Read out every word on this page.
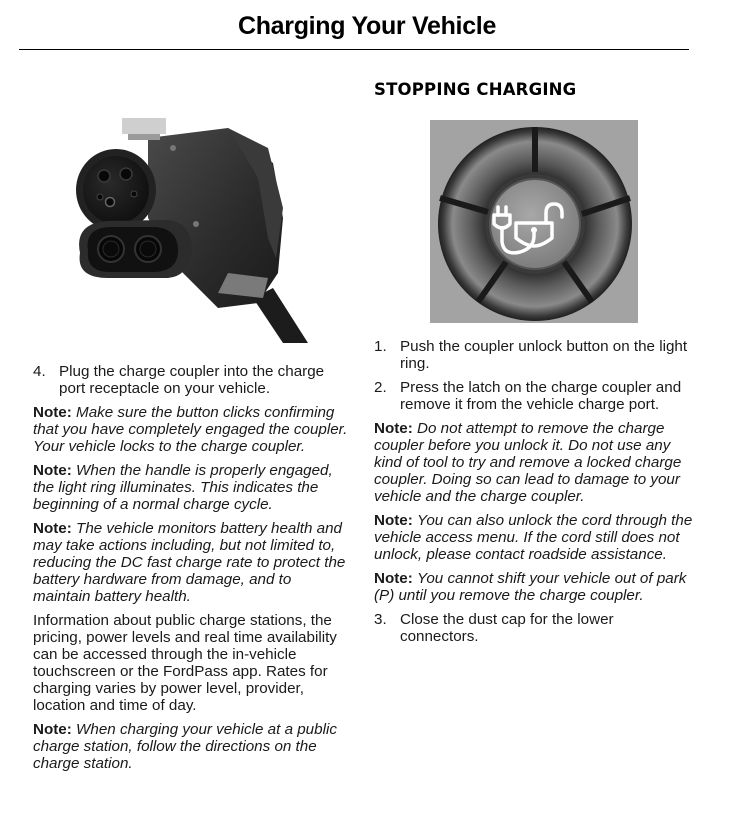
Charging Your Vehicle
4. Plug the charge coupler into the charge port receptacle on your vehicle.
Note: Make sure the button clicks confirming that you have completely engaged the coupler. Your vehicle locks to the charge coupler.
Note: When the handle is properly engaged, the light ring illuminates. This indicates the beginning of a normal charge cycle.
Note: The vehicle monitors battery health and may take actions including, but not limited to, reducing the DC fast charge rate to protect the battery hardware from damage, and to maintain battery health.
Information about public charge stations, the pricing, power levels and real time availability can be accessed through the in-vehicle touchscreen or the FordPass app. Rates for charging varies by power level, provider, location and time of day.
Note: When charging your vehicle at a public charge station, follow the directions on the charge station.
STOPPING CHARGING
1. Push the coupler unlock button on the light ring.
2. Press the latch on the charge coupler and remove it from the vehicle charge port.
Note: Do not attempt to remove the charge coupler before you unlock it. Do not use any kind of tool to try and remove a locked charge coupler. Doing so can lead to damage to your vehicle and the charge coupler.
Note: You can also unlock the cord through the vehicle access menu. If the cord still does not unlock, please contact roadside assistance.
Note: You cannot shift your vehicle out of park (P) until you remove the charge coupler.
3. Close the dust cap for the lower connectors.
